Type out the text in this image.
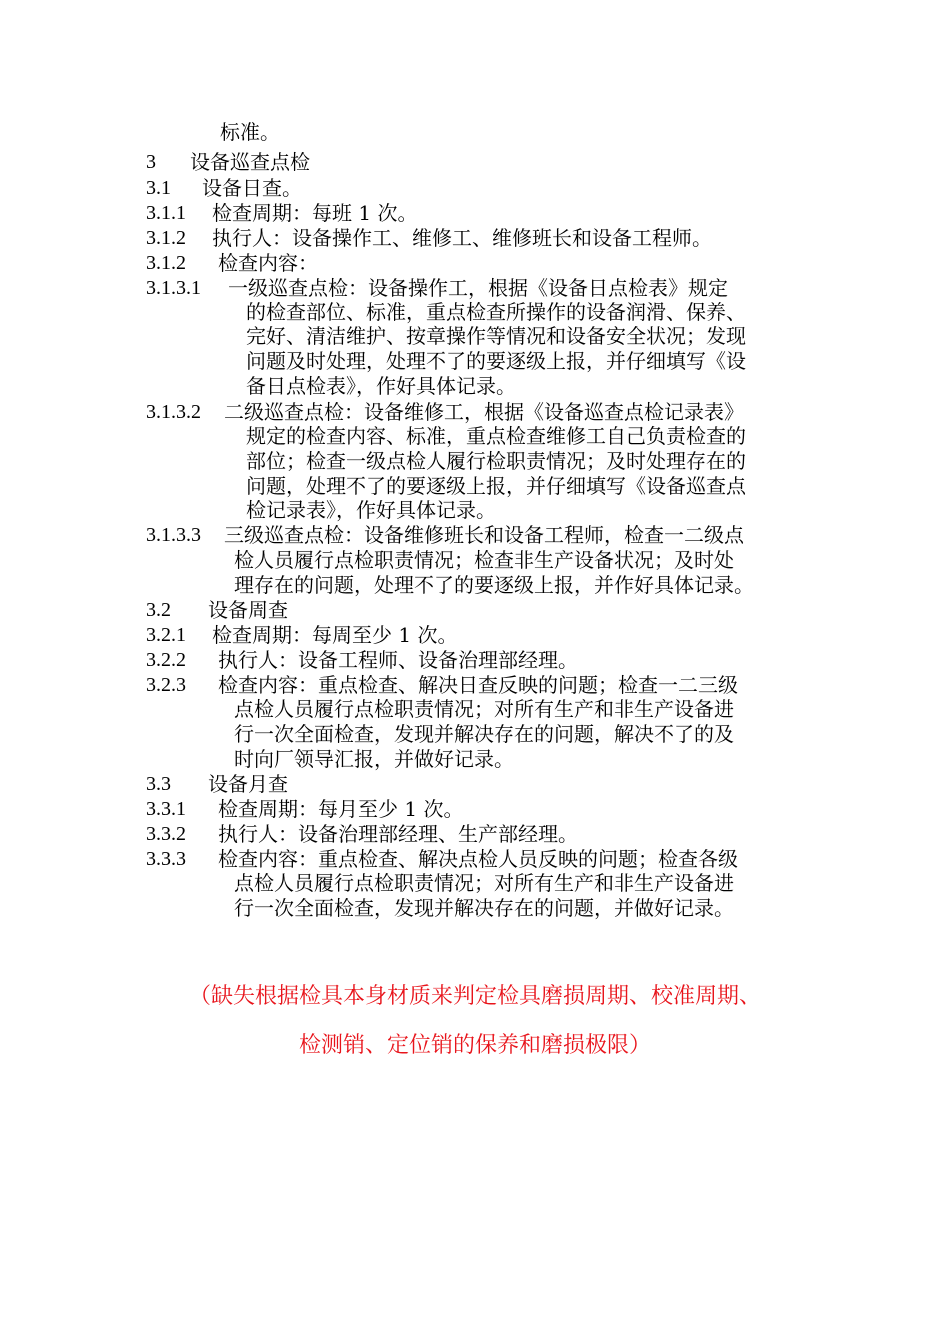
标准。
3 设备巡查点检
3.1 设备日查。
3.1.1 检查周期：每班 1 次。
3.1.2 执行人：设备操作工、维修工、维修班长和设备工程师。
3.1.2 检查内容：
3.1.3.1 一级巡查点检：设备操作工，根据《设备日点检表》规定
的检查部位、标准，重点检查所操作的设备润滑、保养、
完好、清洁维护、按章操作等情况和设备安全状况；发现
问题及时处理，处理不了的要逐级上报，并仔细填写《设
备日点检表》，作好具体记录。
3.1.3.2 二级巡查点检：设备维修工，根据《设备巡查点检记录表》
规定的检查内容、标准，重点检查维修工自己负责检查的
部位；检查一级点检人履行检职责情况；及时处理存在的
问题，处理不了的要逐级上报，并仔细填写《设备巡查点
检记录表》，作好具体记录。
3.1.3.3 三级巡查点检：设备维修班长和设备工程师，检查一二级点
检人员履行点检职责情况；检查非生产设备状况；及时处
理存在的问题，处理不了的要逐级上报，并作好具体记录。
3.2 设备周查
3.2.1 检查周期：每周至少 1 次。
3.2.2 执行人：设备工程师、设备治理部经理。
3.2.3 检查内容：重点检查、解决日查反映的问题；检查一二三级
点检人员履行点检职责情况；对所有生产和非生产设备进
行一次全面检查，发现并解决存在的问题，解决不了的及
时向厂领导汇报，并做好记录。
3.3 设备月查
3.3.1 检查周期：每月至少 1 次。
3.3.2 执行人：设备治理部经理、生产部经理。
3.3.3 检查内容：重点检查、解决点检人员反映的问题；检查各级
点检人员履行点检职责情况；对所有生产和非生产设备进
行一次全面检查，发现并解决存在的问题，并做好记录。
（缺失根据检具本身材质来判定检具磨损周期、校准周期、
检测销、定位销的保养和磨损极限）
